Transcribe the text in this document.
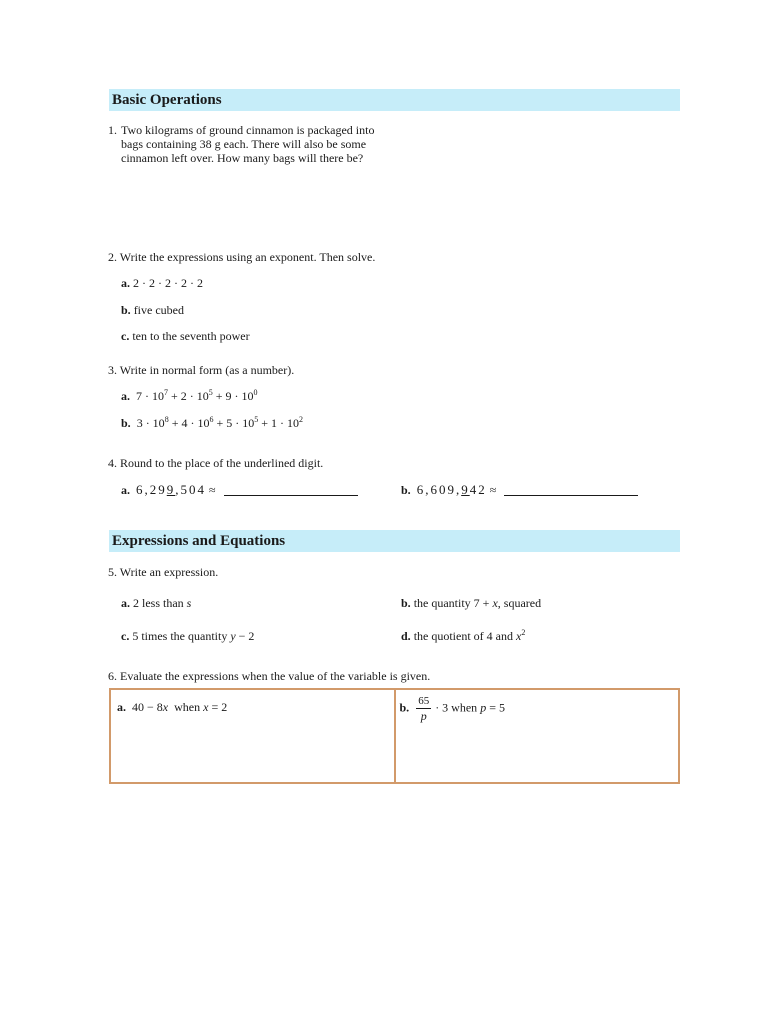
Basic Operations
1. Two kilograms of ground cinnamon is packaged into
bags containing 38 g each. There will also be some
cinnamon left over. How many bags will there be?
2. Write the expressions using an exponent. Then solve.
a. 2 · 2 · 2 · 2 · 2
b. five cubed
c. ten to the seventh power
3. Write in normal form (as a number).
a. $7 \cdot 10^7 + 2 \cdot 10^5 + 9 \cdot 10^0$
b. $3 \cdot 10^8 + 4 \cdot 10^6 + 5 \cdot 10^5 + 1 \cdot 10^2$
4. Round to the place of the underlined digit.
a. 6,299,504 ≈	b. 6,609,942 ≈
Expressions and Equations
5. Write an expression.
a. 2 less than s	b. the quantity 7 + x, squared
c. 5 times the quantity y − 2	d. the quotient of 4 and $x^2$
6. Evaluate the expressions when the value of the variable is given.
a. 40 − 8x  when x = 2	b. $\frac{65}{p} \cdot 3$ when p = 5
